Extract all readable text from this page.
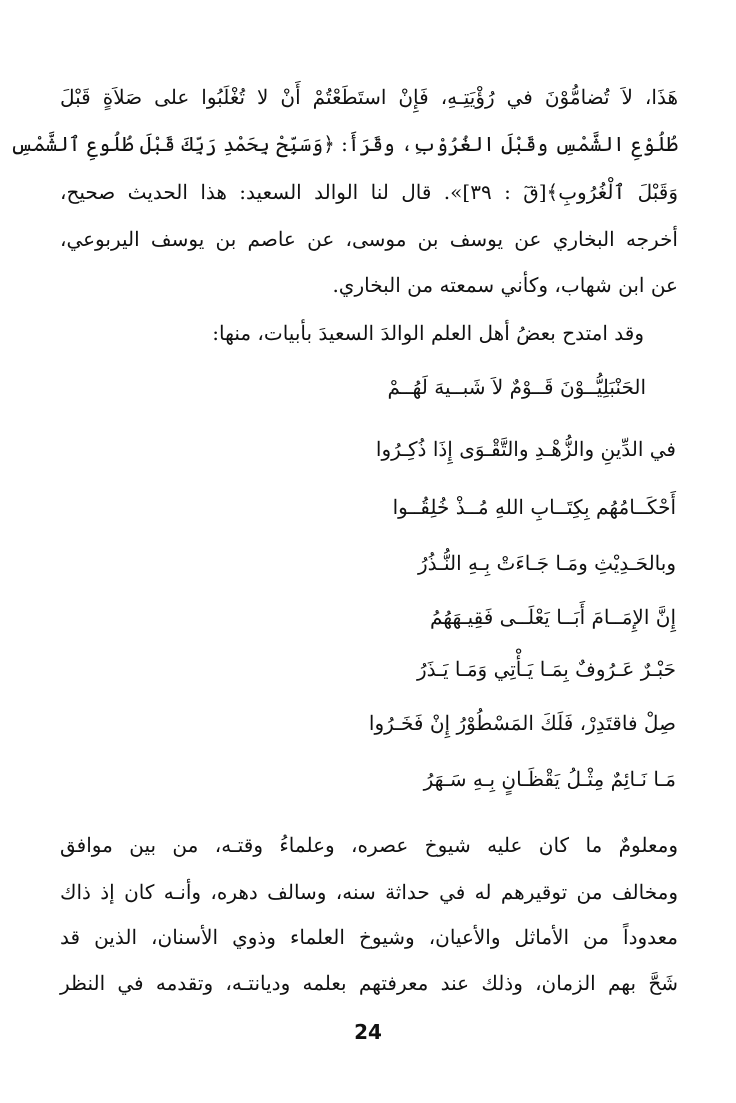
هَذَا، لاَ تُضامُّوْنَ في رُؤْيَتِـهِ، فَإِنْ استَطَعْتُمْ أَنْ لا تُغْلَبُوا على صَلاَةٍ قَبْلَ
طُلُوْعِ الشَّمْسِ وقَبْلَ الغُرُوْبِ، وقَرَأَ: ﴿وَسَبِّحْ بِحَمْدِ رَبِّكَ قَبْلَ طُلُوعِ ٱلشَّمْسِ
وَقَبْلَ ٱلْغُرُوبِ﴾[قٓ : ٣٩]». قال لنا الوالد السعيد: هذا الحديث صحيح،
أخرجه البخاري عن يوسف بن موسى، عن عاصم بن يوسف اليربوعي،
عن ابن شهاب، وكأني سمعته من البخاري.
وقد امتدح بعضُ أهل العلم الوالدَ السعيدَ بأبيات، منها:
الحَنْبَلِيُّــوْنَ قَــوْمٌ لاَ شَبــيهَ لَهُــمْ
في الدِّينِ والزُّهْـدِ والتَّقْـوَى إِذَا ذُكِـرُوا
أَحْكَــامُهُم بِكِتَــابِ اللهِ مُــذْ خُلِقُــوا
وبالحَـدِيْثِ ومَـا جَـاءَتْ بِـهِ النُّـذُرُ
إِنَّ الإِمَــامَ أَبَــا يَعْلَــى فَقِيـهَهُمُ
حَبْـرٌ عَـرُوفٌ بِمَـا يَـأْتِي وَمَـا يَـذَرُ
صِلْ فاقتَدِرْ، فَلَكَ المَسْطُوْرُ إِنْ فَخَـرُوا
مَـا نَـائِمٌ مِثْـلُ يَقْظَـانٍ بِـهِ سَـهَرُ
ومعلومٌ ما كان عليه شيوخ عصره، وعلماءُ وقتـه، من بين موافق
ومخالف من توقيرهم له في حداثة سنه، وسالف دهره، وأنـه كان إذ ذاك
معدوداً من الأماثل والأعيان، وشيوخ العلماء وذوي الأسنان، الذين قد
شَحَّ بهم الزمان، وذلك عند معرفتهم بعلمه وديانتـه، وتقدمه في النظر
24
